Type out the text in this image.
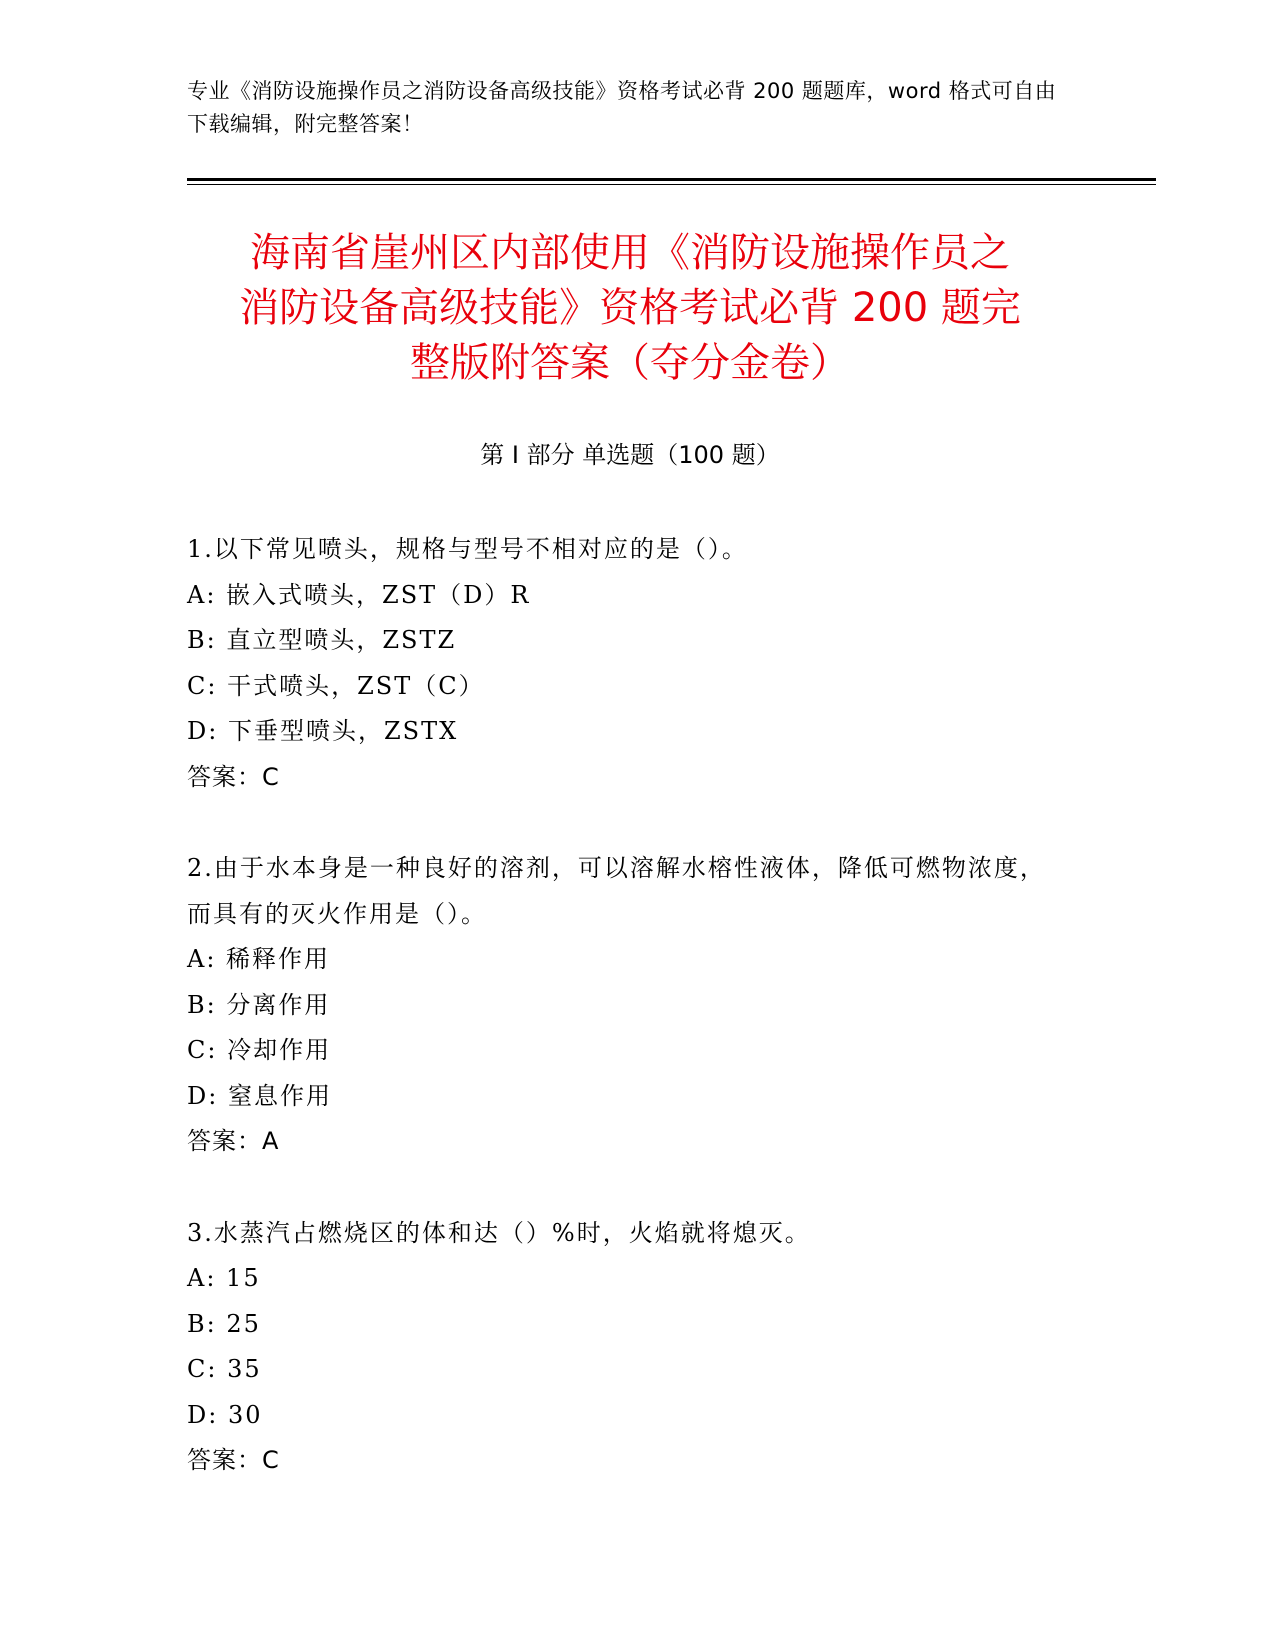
专业《消防设施操作员之消防设备高级技能》资格考试必背 200 题题库，word 格式可自由下载编辑，附完整答案！
海南省崖州区内部使用《消防设施操作员之
消防设备高级技能》资格考试必背 200 题完
整版附答案（夺分金卷）
第 I 部分 单选题（100 题）
1.以下常见喷头，规格与型号不相对应的是（）。
A: 嵌入式喷头，ZST（D）R
B: 直立型喷头，ZSTZ
C: 干式喷头，ZST（C）
D: 下垂型喷头，ZSTX
答案：C
2.由于水本身是一种良好的溶剂，可以溶解水榕性液体，降低可燃物浓度，而具有的灭火作用是（）。
A: 稀释作用
B: 分离作用
C: 冷却作用
D: 窒息作用
答案：A
3.水蒸汽占燃烧区的体和达（）%时，火焰就将熄灭。
A: 15
B: 25
C: 35
D: 30
答案：C
